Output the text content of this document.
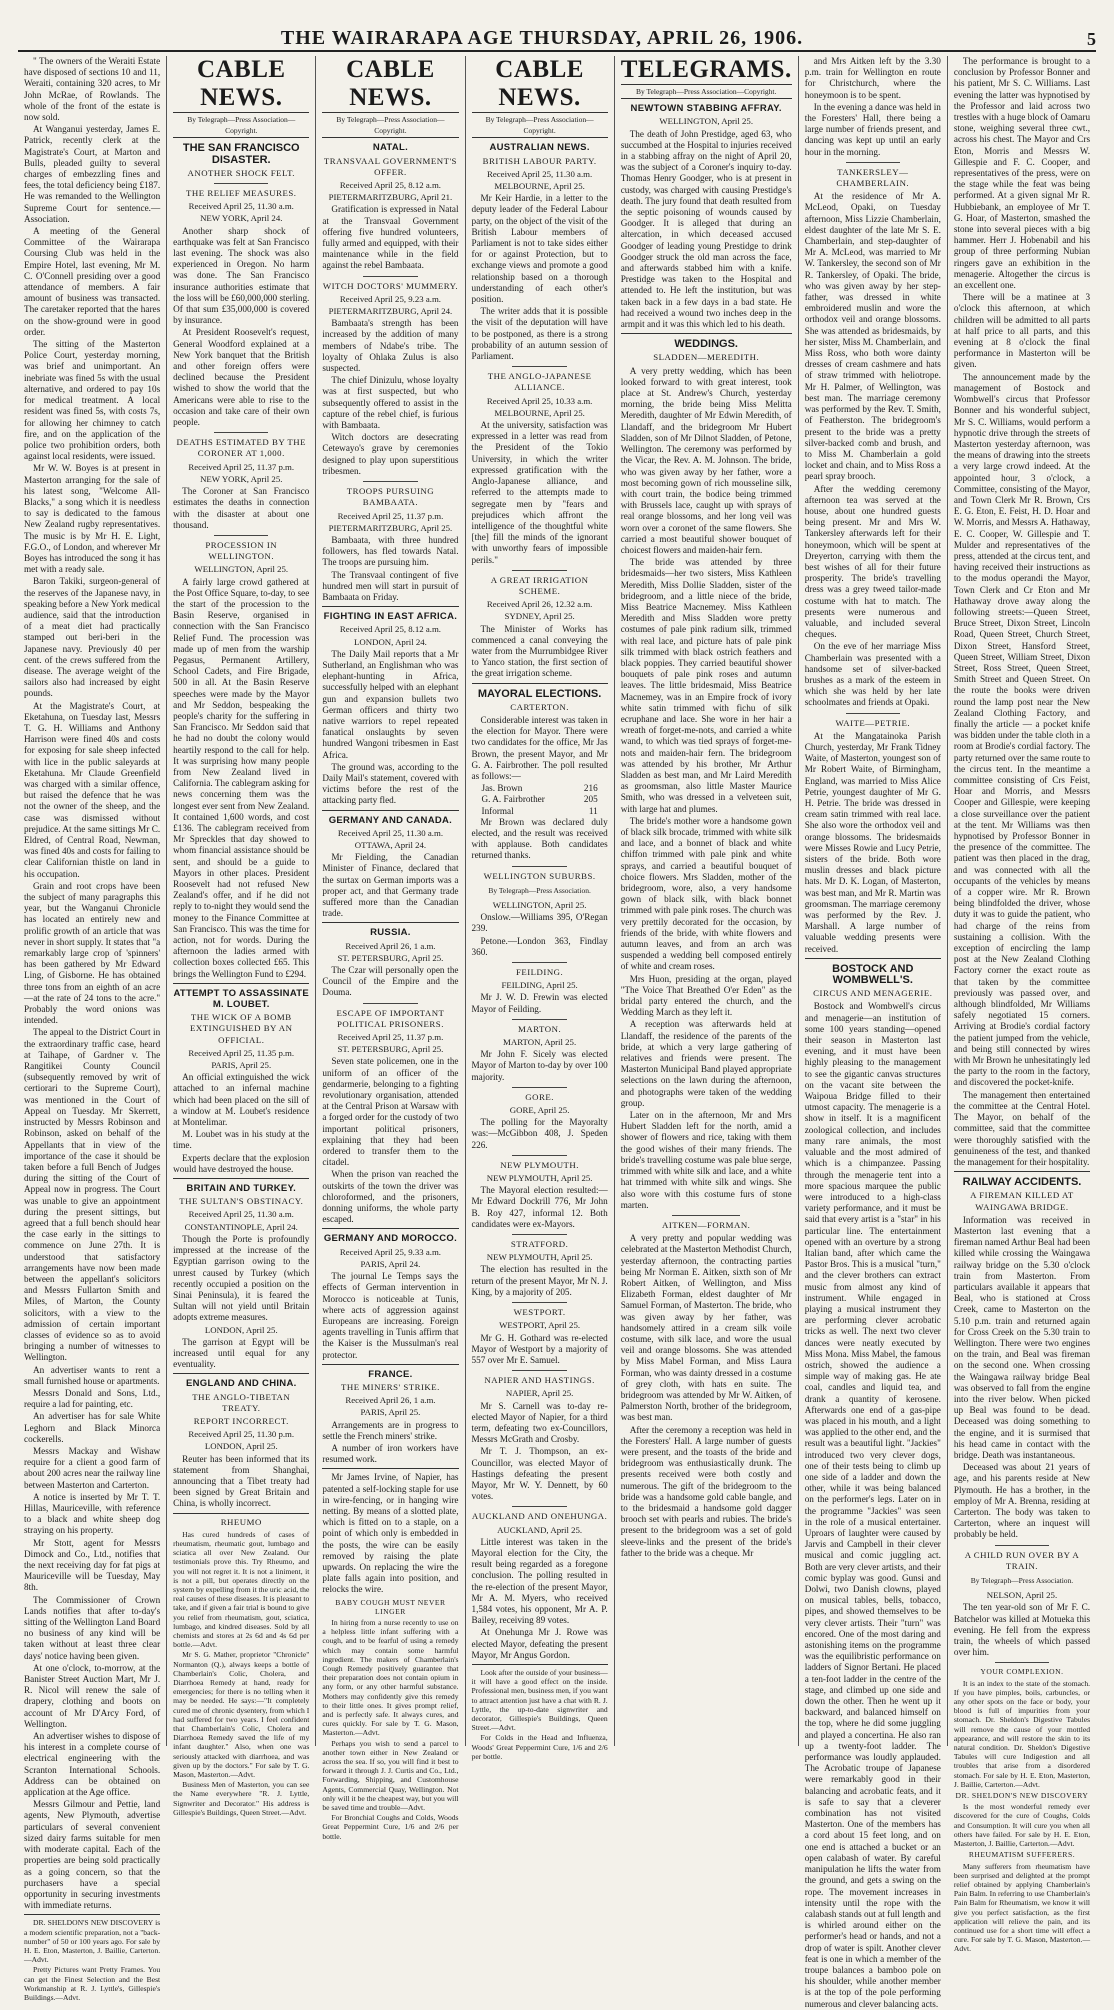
THE WAIRARAPA AGE THURSDAY, APRIL 26, 1906.	5

" The owners of the Weraiti Estate have disposed of sections 10 and 11, Weraiti, containing 320 acres, to Mr John McRae, of Rowlands. The whole of the front of the estate is now sold.

At Wanganui yesterday, James E. Patrick, recently clerk at the Magistrate's Court, at Marton and Bulls, pleaded guilty to several charges of embezzling fines and fees, the total deficiency being £187. He was remanded to the Wellington Supreme Court for sentence.—Association.

A meeting of the General Committee of the Wairarapa Coursing Club was held in the Empire Hotel, last evening, Mr M. C. O'Connell presiding over a good attendance of members. A fair amount of business was transacted. The caretaker reported that the hares on the show-ground were in good order.

The sitting of the Masterton Police Court, yesterday morning, was brief and unimportant. An inebriate was fined 5s with the usual alternative, and ordered to pay 10s for medical treatment. A local resident was fined 5s, with costs 7s, for allowing her chimney to catch fire, and on the application of the police two prohibition orders, both against local residents, were issued.

Mr W. W. Boyes is at present in Masterton arranging for the sale of his latest song, "Welcome All-Blacks," a song which it is needless to say is dedicated to the famous New Zealand rugby representatives. The music is by Mr H. E. Light, F.G.O., of London, and wherever Mr Boyes has introduced the song it has met with a ready sale.

Baron Takiki, surgeon-general of the reserves of the Japanese navy, in speaking before a New York medical audience, said that the introduction of a meat diet had practically stamped out beri-beri in the Japanese navy. Previously 40 per cent. of the crews suffered from the disease. The average weight of the sailors also had increased by eight pounds.

At the Magistrate's Court, at Eketahuna, on Tuesday last, Messrs T. G. H. Williams and Anthony Harrison were fined 40s and costs for exposing for sale sheep infected with lice in the public saleyards at Eketahuna. Mr Claude Greenfield was charged with a similar offence, but raised the defence that he was not the owner of the sheep, and the case was dismissed without prejudice. At the same sittings Mr C. Eldred, of Central Road, Newman, was fined 40s and costs for failing to clear Californian thistle on land in his occupation.

Grain and root crops have been the subject of many paragraphs this year, but the Wanganui Chronicle has located an entirely new and prolific growth of an article that was never in short supply. It states that "a remarkably large crop of 'spinners' has been gathered by Mr Edward Ling, of Gisborne. He has obtained three tons from an eighth of an acre—at the rate of 24 tons to the acre." Probably the word onions was intended.

The appeal to the District Court in the extraordinary traffic case, heard at Taihape, of Gardner v. The Rangitikei County Council (subsequently removed by writ of certiorari to the Supreme Court), was mentioned in the Court of Appeal on Tuesday. Mr Skerrett, instructed by Messrs Robinson and Robinson, asked on behalf of the Appellants that in view of the importance of the case it should be taken before a full Bench of Judges during the sitting of the Court of Appeal now in progress. The Court was unable to give an appointment during the present sittings, but agreed that a full bench should hear the case early in the sittings to commence on June 27th. It is understood that satisfactory arrangements have now been made between the appellant's solicitors and Messrs Fullarton Smith and Miles, of Marton, the County solicitors, with a view to the admission of certain important classes of evidence so as to avoid bringing a number of witnesses to Wellington.

An advertiser wants to rent a small furnished house or apartments.

Messrs Donald and Sons, Ltd., require a lad for painting, etc.

An advertiser has for sale White Leghorn and Black Minorca cockerells.

Messrs Mackay and Wishaw require for a client a good farm of about 200 acres near the railway line between Masterton and Carterton.

A notice is inserted by Mr T. T. Hillas, Mauriceville, with reference to a black and white sheep dog straying on his property.

Mr Stott, agent for Messrs Dimock and Co., Ltd., notifies that the next receiving day for fat pigs at Mauriceville will be Tuesday, May 8th.

The Commissioner of Crown Lands notifies that after to-day's sitting of the Wellington Land Board no business of any kind will be taken without at least three clear days' notice having been given.

At one o'clock, to-morrow, at the Banister Street Auction Mart, Mr J. R. Nicol will renew the sale of drapery, clothing and boots on account of Mr D'Arcy Ford, of Wellington.

An advertiser wishes to dispose of his interest in a complete course of electrical engineering with the Scranton International Schools. Address can be obtained on application at the Age office.

Messrs Gilmour and Pettie, land agents, New Plymouth, advertise particulars of several convenient sized dairy farms suitable for men with moderate capital. Each of the properties are being sold practically as a going concern, so that the purchasers have a special opportunity in securing investments with immediate returns.

DR. SHELDON'S NEW DISCOVERY is a modern scientific preparation, not a "back-number" of 50 or 100 years ago. For sale by H. E. Eton, Masterton, J. Baillie, Carterton.—Advt.

Pretty Pictures want Pretty Frames. You can get the Finest Selection and the Best Workmanship at R. J. Lyttle's, Gillespie's Buildings.—Advt.

CABLE NEWS.
By Telegraph—Press Association—Copyright.
THE SAN FRANCISCO DISASTER.
ANOTHER SHOCK FELT.
THE RELIEF MEASURES.
Received April 25, 11.30 a.m.
NEW YORK, April 24.

Another sharp shock of earthquake was felt at San Francisco last evening. The shock was also experienced in Oregon. No harm was done. The San Francisco insurance authorities estimate that the loss will be £60,000,000 sterling. Of that sum £35,000,000 is covered by insurance.

At President Roosevelt's request, General Woodford explained at a New York banquet that the British and other foreign offers were declined because the President wished to show the world that the Americans were able to rise to the occasion and take care of their own people.

DEATHS ESTIMATED BY THE CORONER AT 1,000.
Received April 25, 11.37 p.m.
NEW YORK, April 25.

The Coroner at San Francisco estimates the deaths in connection with the disaster at about one thousand.

PROCESSION IN WELLINGTON.
WELLINGTON, April 25.

A fairly large crowd gathered at the Post Office Square, to-day, to see the start of the procession to the Basin Reserve, organised in connection with the San Francisco Relief Fund. The procession was made up of men from the warship Pegasus, Permanent Artillery, School Cadets, and Fire Brigade, 500 in all. At the Basin Reserve speeches were made by the Mayor and Mr Seddon, bespeaking the people's charity for the suffering in San Francisco. Mr Seddon said that he had no doubt the colony would heartily respond to the call for help. It was surprising how many people from New Zealand lived in California. The cablegram asking for news concerning them was the longest ever sent from New Zealand. It contained 1,600 words, and cost £136. The cablegram received from Mr Spreckles that day showed to whom financial assistance should be sent, and should be a guide to Mayors in other places. President Roosevelt had not refused New Zealand's offer, and if he did not reply to to-night they would send the money to the Finance Committee at San Francisco. This was the time for action, not for words. During the afternoon the ladies armed with collection boxes collected £65. This brings the Wellington Fund to £294.

ATTEMPT TO ASSASSINATE M. LOUBET.
THE WICK OF A BOMB EXTINGUISHED BY AN OFFICIAL.
Received April 25, 11.35 p.m.
PARIS, April 25.

An official extinguished the wick attached to an infernal machine which had been placed on the sill of a window at M. Loubet's residence at Montelimar.

M. Loubet was in his study at the time.

Experts declare that the explosion would have destroyed the house.

BRITAIN AND TURKEY.
THE SULTAN'S OBSTINACY.
Received April 25, 11.30 a.m.
CONSTANTINOPLE, April 24.

Though the Porte is profoundly impressed at the increase of the Egyptian garrison owing to the unrest caused by Turkey (which recently occupied a position on the Sinai Peninsula), it is feared the Sultan will not yield until Britain adopts extreme measures.

LONDON, April 25.

The garrison at Egypt will be increased until equal for any eventuality.

ENGLAND AND CHINA.
THE ANGLO-TIBETAN TREATY.
REPORT INCORRECT.
Received April 25, 11.30 p.m.
LONDON, April 25.

Reuter has been informed that its statement from Shanghai, announcing that a Tibet treaty had been signed by Great Britain and China, is wholly incorrect.

RHEUMO

Has cured hundreds of cases of rheumatism, rheumatic gout, lumbago and sciatica all over New Zealand. Our testimonials prove this. Try Rheumo, and you will not regret it. It is not a liniment, it is not a pill, but operates directly on the system by expelling from it the uric acid, the real causes of these diseases. It is pleasant to take, and if given a fair trial is bound to give you relief from rheumatism, gout, sciatica, lumbago, and kindred diseases. Sold by all chemists and stores at 2s 6d and 4s 6d per bottle.—Advt.

Mr S. G. Mather, proprietor "Chronicle" Normanton (Q.), always keeps a bottle of Chamberlain's Colic, Cholera, and Diarrhoea Remedy at hand, ready for emergencies; for there is no telling when it may be needed. He says:—"It completely cured me of chronic dysentery, from which I had suffered for two years. I feel confident that Chamberlain's Colic, Cholera and Diarrhoea Remedy saved the life of my infant daughter." Also, when one was seriously attacked with diarrhoea, and was given up by the doctors." For sale by T. G. Mason, Masterton.—Advt.

Business Men of Masterton, you can see the Name everywhere "R. J. Lyttle, Signwriter and Decorator." His address is Gillespie's Buildings, Queen Street.—Advt.

CABLE NEWS.
By Telegraph—Press Association—Copyright.
NATAL.
TRANSVAAL GOVERNMENT'S OFFER.
Received April 25, 8.12 a.m.
PIETERMARITZBURG, April 21.

Gratification is expressed in Natal at the Transvaal Government offering five hundred volunteers, fully armed and equipped, with their maintenance while in the field against the rebel Bambaata.

WITCH DOCTORS' MUMMERY.
Received April 25, 9.23 a.m.
PIETERMARITZBURG, April 24.

Bambaata's strength has been increased by the addition of many members of Ndabe's tribe. The loyalty of Ohlaka Zulus is also suspected.

The chief Dinizulu, whose loyalty was at first suspected, but who subsequently offered to assist in the capture of the rebel chief, is furious with Bambaata.

Witch doctors are desecrating Cetewayo's grave by ceremonies designed to play upon superstitious tribesmen.

TROOPS PURSUING BAMBAATA.
Received April 25, 11.37 p.m.
PIETERMARITZBURG, April 25.

Bambaata, with three hundred followers, has fled towards Natal. The troops are pursuing him.

The Transvaal contingent of five hundred men will start in pursuit of Bambaata on Friday.

FIGHTING IN EAST AFRICA.
Received April 25, 8.12 a.m.
LONDON, April 24.

The Daily Mail reports that a Mr Sutherland, an Englishman who was elephant-hunting in Africa, successfully helped with an elephant gun and expansion bullets two German officers and thirty two native warriors to repel repeated fanatical onslaughts by seven hundred Wangoni tribesmen in East Africa.

The ground was, according to the Daily Mail's statement, covered with victims before the rest of the attacking party fled.

GERMANY AND CANADA.
Received April 25, 11.30 a.m.
OTTAWA, April 24.

Mr Fielding, the Canadian Minister of Finance, declared that the surtax on German imports was a proper act, and that Germany trade suffered more than the Canadian trade.

RUSSIA.
Received April 26, 1 a.m.
ST. PETERSBURG, April 25.

The Czar will personally open the Council of the Empire and the Douma.

ESCAPE OF IMPORTANT POLITICAL PRISONERS.
Received April 25, 11.37 p.m.
ST. PETERSBURG, April 25.

Seven state policemen, one in the uniform of an officer of the gendarmerie, belonging to a fighting revolutionary organisation, attended at the Central Prison at Warsaw with a forged order for the custody of two important political prisoners, explaining that they had been ordered to transfer them to the citadel.

When the prison van reached the outskirts of the town the driver was chloroformed, and the prisoners, donning uniforms, the whole party escaped.

GERMANY AND MOROCCO.
Received April 25, 9.33 a.m.
PARIS, April 24.

The journal Le Temps says the effects of German intervention in Morocco is noticeable at Tunis, where acts of aggression against Europeans are increasing. Foreign agents travelling in Tunis affirm that the Kaiser is the Mussulman's real protector.

FRANCE.
THE MINERS' STRIKE.
Received April 26, 1 a.m.
PARIS, April 25.

Arrangements are in progress to settle the French miners' strike.

A number of iron workers have resumed work.

Mr James Irvine, of Napier, has patented a self-locking staple for use in wire-fencing, or in hanging wire netting. By means of a slotted plate, which is fitted on to a staple, on a point of which only is embedded in the posts, the wire can be easily removed by raising the plate upwards. On replacing the wire the plate falls again into position, and relocks the wire.

BABY COUGH MUST NEVER LINGER

In hiring from a nurse recently to use on a helpless little infant suffering with a cough, and to be fearful of using a remedy which may contain some harmful ingredient. The makers of Chamberlain's Cough Remedy positively guarantee that their preparation does not contain opium in any form, or any other harmful substance. Mothers may confidently give this remedy to their little ones. It gives prompt relief, and is perfectly safe. It always cures, and cures quickly. For sale by T. G. Mason, Masterton.—Advt.

Perhaps you wish to send a parcel to another town either in New Zealand or across the sea. If so, you will find it best to forward it through J. J. Curtis and Co., Ltd., Forwarding, Shipping, and Customhouse Agents, Commercial Quay, Wellington. Not only will it be the cheapest way, but you will be saved time and trouble—Advt.

For Bronchial Coughs and Colds, Woods Great Peppermint Cure, 1/6 and 2/6 per bottle.

CABLE NEWS.
By Telegraph—Press Association—Copyright.
AUSTRALIAN NEWS.
BRITISH LABOUR PARTY.
Received April 25, 11.30 a.m.
MELBOURNE, April 25.

Mr Keir Hardie, in a letter to the deputy leader of the Federal Labour party, on the object of the visit of the British Labour members of Parliament is not to take sides either for or against Protection, but to exchange views and promote a good relationship based on a thorough understanding of each other's position.

The writer adds that it is possible the visit of the deputation will have to be postponed, as there is a strong probability of an autumn session of Parliament.

THE ANGLO-JAPANESE ALLIANCE.
Received April 25, 10.33 a.m.
MELBOURNE, April 25.

At the university, satisfaction was expressed in a letter was read from the President of the Tokio University, in which the writer expressed gratification with the Anglo-Japanese alliance, and referred to the attempts made to segregate men by "fears and prejudices which affront the intelligence of the thoughtful white [the] fill the minds of the ignorant with unworthy fears of impossible perils."

A GREAT IRRIGATION SCHEME.
Received April 26, 12.32 a.m.
SYDNEY, April 25.

The Minister of Works has commenced a canal conveying the water from the Murrumbidgee River to Yanco station, the first section of the great irrigation scheme.

MAYORAL ELECTIONS.
CARTERTON.

Considerable interest was taken in the election for Mayor. There were two candidates for the office, Mr Jas Brown, the present Mayor, and Mr G. A. Fairbrother. The poll resulted as follows:—

Jas. Brown	216
G. A. Fairbrother	205
Informal	11

Mr Brown was declared duly elected, and the result was received with applause. Both candidates returned thanks.

WELLINGTON SUBURBS.
By Telegraph—Press Association.
WELLINGTON, April 25.

Onslow.—Williams 395, O'Regan 239.

Petone.—London 363, Findlay 360.

FEILDING.
FEILDING, April 25.

Mr J. W. D. Frewin was elected Mayor of Feilding.

MARTON.
MARTON, April 25.

Mr John F. Sicely was elected Mayor of Marton to-day by over 100 majority.

GORE.
GORE, April 25.

The polling for the Mayoralty was:—McGibbon 408, J. Speden 226.

NEW PLYMOUTH.
NEW PLYMOUTH, April 25.

The Mayoral election resulted:—Mr Edward Dockrill 776, Mr John B. Roy 427, informal 12. Both candidates were ex-Mayors.

STRATFORD.
NEW PLYMOUTH, April 25.

The election has resulted in the return of the present Mayor, Mr N. J. King, by a majority of 205.

WESTPORT.
WESTPORT, April 25.

Mr G. H. Gothard was re-elected Mayor of Westport by a majority of 557 over Mr E. Samuel.

NAPIER AND HASTINGS.
NAPIER, April 25.

Mr S. Carnell was to-day re-elected Mayor of Napier, for a third term, defeating two ex-Councillors, Messrs McGrath and Crosby.

Mr T. J. Thompson, an ex-Councillor, was elected Mayor of Hastings defeating the present Mayor, Mr W. Y. Dennett, by 60 votes.

AUCKLAND AND ONEHUNGA.
AUCKLAND, April 25.

Little interest was taken in the Mayoral election for the City, the result being regarded as a foregone conclusion. The polling resulted in the re-election of the present Mayor, Mr A. M. Myers, who received 1,584 votes, his opponent, Mr A. P. Bailey, receiving 89 votes.

At Onehunga Mr J. Rowe was elected Mayor, defeating the present Mayor, Mr Angus Gordon.

Look after the outside of your business—it will have a good effect on the inside. Professional men, business men, if you want to attract attention just have a chat with R. J. Lyttle, the up-to-date signwriter and decorator, Gillespie's Buildings, Queen Street.—Advt.

For Colds in the Head and Influenza, Woods' Great Peppermint Cure, 1/6 and 2/6 per bottle.

TELEGRAMS.
By Telegraph—Press Association—Copyright.
NEWTOWN STABBING AFFRAY.
WELLINGTON, April 25.

The death of John Prestidge, aged 63, who succumbed at the Hospital to injuries received in a stabbing affray on the night of April 20, was the subject of a Coroner's inquiry to-day. Thomas Henry Goodger, who is at present in custody, was charged with causing Prestidge's death. The jury found that death resulted from the septic poisoning of wounds caused by Goodger. It is alleged that during an altercation, in which deceased accused Goodger of leading young Prestidge to drink Goodger struck the old man across the face, and afterwards stabbed him with a knife. Prestidge was taken to the Hospital and attended to. He left the institution, but was taken back in a few days in a bad state. He had received a wound two inches deep in the armpit and it was this which led to his death.

WEDDINGS.
SLADDEN—MEREDITH.

A very pretty wedding, which has been looked forward to with great interest, took place at St. Andrew's Church, yesterday morning, the bride being Miss Melitta Meredith, daughter of Mr Edwin Meredith, of Llandaff, and the bridegroom Mr Hubert Sladden, son of Mr Dilnot Sladden, of Petone, Wellington. The ceremony was performed by the Vicar, the Rev. A. M. Johnson. The bride, who was given away by her father, wore a most becoming gown of rich mousseline silk, with court train, the bodice being trimmed with Brussels lace, caught up with sprays of real orange blossoms, and her long veil was worn over a coronet of the same flowers. She carried a most beautiful shower bouquet of choicest flowers and maiden-hair fern.

The bride was attended by three bridesmaids—her two sisters, Miss Kathleen Meredith, Miss Dollie Sladden, sister of the bridegroom, and a little niece of the bride, Miss Beatrice Macnemey. Miss Kathleen Meredith and Miss Sladden wore pretty costumes of pale pink radium silk, trimmed with real lace, and picture hats of pale pink silk trimmed with black ostrich feathers and black poppies. They carried beautiful shower bouquets of pale pink roses and autumn leaves. The little bridesmaid, Miss Beatrice Macnemey, was in an Empire frock of ivory white satin trimmed with fichu of silk ecruphane and lace. She wore in her hair a wreath of forget-me-nots, and carried a white wand, to which was tied sprays of forget-me-nots and maiden-hair fern. The bridegroom was attended by his brother, Mr Arthur Sladden as best man, and Mr Laird Meredith as groomsman, also little Master Maurice Smith, who was dressed in a velveteen suit, with large hat and plumes.

The bride's mother wore a handsome gown of black silk brocade, trimmed with white silk and lace, and a bonnet of black and white chiffon trimmed with pale pink and white sprays, and carried a beautiful bouquet of choice flowers. Mrs Sladden, mother of the bridegroom, wore, also, a very handsome gown of black silk, with black bonnet trimmed with pale pink roses. The church was very prettily decorated for the occasion, by friends of the bride, with white flowers and autumn leaves, and from an arch was suspended a wedding bell composed entirely of white and cream roses.

Mrs Huon, presiding at the organ, played "The Voice That Breathed O'er Eden" as the bridal party entered the church, and the Wedding March as they left it.

A reception was afterwards held at Llandaff, the residence of the parents of the bride, at which a very large gathering of relatives and friends were present. The Masterton Municipal Band played appropriate selections on the lawn during the afternoon, and photographs were taken of the wedding group.

Later on in the afternoon, Mr and Mrs Hubert Sladden left for the north, amid a shower of flowers and rice, taking with them the good wishes of their many friends. The bride's travelling costume was pale blue serge, trimmed with white silk and lace, and a white hat trimmed with white silk and wings. She also wore with this costume furs of stone marten.

AITKEN—FORMAN.

A very pretty and popular wedding was celebrated at the Masterton Methodist Church, yesterday afternoon, the contracting parties being Mr Norman E. Aitken, sixth son of Mr Robert Aitken, of Wellington, and Miss Elizabeth Forman, eldest daughter of Mr Samuel Forman, of Masterton. The bride, who was given away by her father, was handsomely attired in a cream silk voile costume, with silk lace, and wore the usual veil and orange blossoms. She was attended by Miss Mabel Forman, and Miss Laura Forman, who was dainty dressed in a costume of grey cloth, with hats en suite. The bridegroom was attended by Mr W. Aitken, of Palmerston North, brother of the bridegroom, was best man.

After the ceremony a reception was held in the Foresters' Hall. A large number of guests were present, and the toasts of the bride and bridegroom was enthusiastically drunk. The presents received were both costly and numerous. The gift of the bridegroom to the bride was a handsome gold cable bangle, and to the bridesmaid a handsome gold dagger brooch set with pearls and rubies. The bride's present to the bridegroom was a set of gold sleeve-links and the present of the bride's father to the bride was a cheque. Mr

and Mrs Aitken left by the 3.30 p.m. train for Wellington en route for Christchurch, where the honeymoon is to be spent.

In the evening a dance was held in the Foresters' Hall, there being a large number of friends present, and dancing was kept up until an early hour in the morning.

TANKERSLEY—CHAMBERLAIN.

At the residence of Mr A. McLeod, Opaki, on Tuesday afternoon, Miss Lizzie Chamberlain, eldest daughter of the late Mr S. E. Chamberlain, and step-daughter of Mr A. McLeod, was married to Mr W. Tankersley, the second son of Mr R. Tankersley, of Opaki. The bride, who was given away by her step-father, was dressed in white embroidered muslin and wore the orthodox veil and orange blossoms. She was attended as bridesmaids, by her sister, Miss M. Chamberlain, and Miss Ross, who both wore dainty dresses of cream cashmere and hats of straw trimmed with heliotrope. Mr H. Palmer, of Wellington, was best man. The marriage ceremony was performed by the Rev. T. Smith, of Featherston. The bridegroom's present to the bride was a pretty silver-backed comb and brush, and to Miss M. Chamberlain a gold locket and chain, and to Miss Ross a pearl spray brooch.

After the wedding ceremony afternoon tea was served at the house, about one hundred guests being present. Mr and Mrs W. Tankersley afterwards left for their honeymoon, which will be spent at Dreyerton, carrying with them the best wishes of all for their future prosperity. The bride's travelling dress was a grey tweed tailor-made costume with hat to match. The presents were numerous and valuable, and included several cheques.

On the eve of her marriage Miss Chamberlain was presented with a handsome set of silver-backed brushes as a mark of the esteem in which she was held by her late schoolmates and friends at Opaki.

WAITE—PETRIE.

At the Mangatainoka Parish Church, yesterday, Mr Frank Tidney Waite, of Masterton, youngest son of Mr Robert Waite, of Birmingham, England, was married to Miss Alice Petrie, youngest daughter of Mr G. H. Petrie. The bride was dressed in cream satin trimmed with real lace. She also wore the orthodox veil and orange blossoms. The bridesmaids were Misses Rowie and Lucy Petrie, sisters of the bride. Both wore muslin dresses and black picture hats. Mr D. K. Logan, of Masterton, was best man, and Mr R. Martin was groomsman. The marriage ceremony was performed by the Rev. J. Marshall. A large number of valuable wedding presents were received.

BOSTOCK AND WOMBWELL'S.
CIRCUS AND MENAGERIE.

Bostock and Wombwell's circus and menagerie—an institution of some 100 years standing—opened their season in Masterton last evening, and it must have been highly pleasing to the management to see the gigantic canvas structures on the vacant site between the Waipoua Bridge filled to their utmost capacity. The menagerie is a show in itself. It is a magnificent zoological collection, and includes many rare animals, the most valuable and the most admired of which is a chimpanzee. Passing through the menagerie tent into a more spacious marquee the public were introduced to a high-class variety performance, and it must be said that every artist is a "star" in his particular line. The entertainment opened with an overture by a strong Italian band, after which came the Pastor Bros. This is a musical "turn," and the clever brothers can extract music from almost any kind of instrument. While engaged in playing a musical instrument they are performing clever acrobatic tricks as well. The next two clever dances were neatly executed by Miss Mona. Miss Mabel, the famous ostrich, showed the audience a simple way of making gas. He ate coal, candles and liquid tea, and drank a quantity of kerosene. Afterwards one end of a gas-pipe was placed in his mouth, and a light was applied to the other end, and the result was a beautiful light. "Jackies" introduced two very clever dogs, one of their tests being to climb up one side of a ladder and down the other, while it was being balanced on the performer's legs. Later on in the programme "Jackies" was seen in the role of a musical entertainer. Uproars of laughter were caused by Jarvis and Campbell in their clever musical and comic juggling act. Both are very clever artists, and their comic byplay was good. Gunsi and Dolwi, two Danish clowns, played on musical tables, bells, tobacco, pipes, and showed themselves to be very clever artists. Their "turn" was encored. One of the most daring and astonishing items on the programme was the equilibristic performance on ladders of Signor Bertani. He placed a ten-foot ladder in the centre of the stage, and climbed up one side and down the other. Then he went up it backward, and balanced himself on the top, where he did some juggling and played a concertina. He also ran up a twenty-foot ladder. The performance was loudly applauded. The Acrobatic troupe of Japanese were remarkably good in their balancing and acrobatic feats, and it is safe to say that a cleverer combination has not visited Masterton. One of the members has a cord about 15 feet long, and on one end is attached a bucket or an open calabash of water. By careful manipulation he lifts the water from the ground, and gets a swing on the rope. The movement increases in intensity until the rope with the calabash stands out at full length and is whirled around either on the performer's head or hands, and not a drop of water is spilt. Another clever feat is one in which a member of the troupe balances a bamboo pole on his shoulder, while another member is at the top of the pole performing numerous and clever balancing acts.

The performance is brought to a conclusion by Professor Bonner and his patient, Mr S. C. Williams. Last evening the latter was hypnotised by the Professor and laid across two trestles with a huge block of Oamaru stone, weighing several three cwt., across his chest. The Mayor and Crs Eton, Morris and Messrs W. Gillespie and F. C. Cooper, and representatives of the press, were on the stage while the feat was being performed. At a given signal Mr R. Hubbiebank, an employee of Mr T. G. Hoar, of Masterton, smashed the stone into several pieces with a big hammer. Herr J. Hobenabil and his group of three performing Nubian ringers gave an exhibition in the menagerie. Altogether the circus is an excellent one.

There will be a matinee at 3 o'clock this afternoon, at which children will be admitted to all parts at half price to all parts, and this evening at 8 o'clock the final performance in Masterton will be given.

The announcement made by the management of Bostock and Wombwell's circus that Professor Bonner and his wonderful subject, Mr S. C. Williams, would perform a hypnotic drive through the streets of Masterton yesterday afternoon, was the means of drawing into the streets a very large crowd indeed. At the appointed hour, 3 o'clock, a Committee, consisting of the Mayor, and Town Clerk Mr R. Brown, Crs E. G. Eton, E. Feist, H. D. Hoar and W. Morris, and Messrs A. Hathaway, E. C. Cooper, W. Gillespie and T. Mulder and representatives of the press, attended at the circus tent, and having received their instructions as to the modus operandi the Mayor, Town Clerk and Cr Eton and Mr Hathaway drove away along the following streets:—Queen Street, Bruce Street, Dixon Street, Lincoln Road, Queen Street, Church Street, Dixon Street, Hansford Street, Queen Street, William Street, Dixon Street, Ross Street, Queen Street, Smith Street and Queen Street. On the route the books were driven round the lamp post near the New Zealand Clothing Factory, and finally the article — a pocket knife was bidden under the table cloth in a room at Brodie's cordial factory. The party returned over the same route to the circus tent. In the meantime a committee consisting of Crs Feist, Hoar and Morris, and Messrs Cooper and Gillespie, were keeping a close surveillance over the patient at the tent. Mr Williams was then hypnotised by Professor Bonner in the presence of the committee. The patient was then placed in the drag, and was connected with all the occupants of the vehicles by means of a copper wire. Mr R. Brown being blindfolded the driver, whose duty it was to guide the patient, who had charge of the reins from sustaining a collision. With the exception of encircling the lamp post at the New Zealand Clothing Factory corner the exact route as that taken by the committee previously was passed over, and although blindfolded, Mr Williams safely negotiated 15 corners. Arriving at Brodie's cordial factory the patient jumped from the vehicle, and being still connected by wires with Mr Brown he unhesitatingly led the party to the room in the factory, and discovered the pocket-knife.

The management then entertained the committee at the Central Hotel. The Mayor, on behalf of the committee, said that the committee were thoroughly satisfied with the genuineness of the test, and thanked the management for their hospitality.

RAILWAY ACCIDENTS.
A FIREMAN KILLED AT WAINGAWA BRIDGE.

Information was received in Masterton last evening that a fireman named Arthur Beal had been killed while crossing the Waingawa railway bridge on the 5.30 o'clock train from Masterton. From particulars available it appears that Beal, who is stationed at Cross Creek, came to Masterton on the 5.10 p.m. train and returned again for Cross Creek on the 5.30 train to Wellington. There were two engines on the train, and Beal was fireman on the second one. When crossing the Waingawa railway bridge Beal was observed to fall from the engine into the river below. When picked up Beal was found to be dead. Deceased was doing something to the engine, and it is surmised that his head came in contact with the bridge. Death was instantaneous.

Deceased was about 21 years of age, and his parents reside at New Plymouth. He has a brother, in the employ of Mr A. Brenna, residing at Carterton. The body was taken to Carterton, where an inquest will probably be held.

A CHILD RUN OVER BY A TRAIN.
By Telegraph—Press Association.
NELSON, April 25.

The ten year-old son of Mr F. C. Batchelor was killed at Motueka this evening. He fell from the express train, the wheels of which passed over him.

YOUR COMPLEXION.

It is an index to the state of the stomach. If you have pimples, boils, carbuncles, or any other spots on the face or body, your blood is full of impurities from your stomach. Dr. Sheldon's Digestive Tabules will remove the cause of your mottled appearance, and will restore the skin to its natural condition. Dr. Sheldon's Digestive Tabules will cure Indigestion and all troubles that arise from a disordered stomach. For sale by H. E. Eton, Masterton, J. Baillie, Carterton.—Advt.

DR. SHELDON'S NEW DISCOVERY

Is the most wonderful remedy ever discovered for the cure of Coughs, Colds and Consumption. It will cure you when all others have failed. For sale by H. E. Eton, Masterton, J. Baillie, Carterton.—Advt.

RHEUMATISM SUFFERERS.

Many sufferers from rheumatism have been surprised and delighted at the prompt relief obtained by applying Chamberlain's Pain Balm. In referring to use Chamberlain's Pain Balm for Rheumatism, we know it will give you perfect satisfaction, as the first application will relieve the pain, and its continued use for a short time will effect a cure. For sale by T. G. Mason, Masterton.—Advt.
